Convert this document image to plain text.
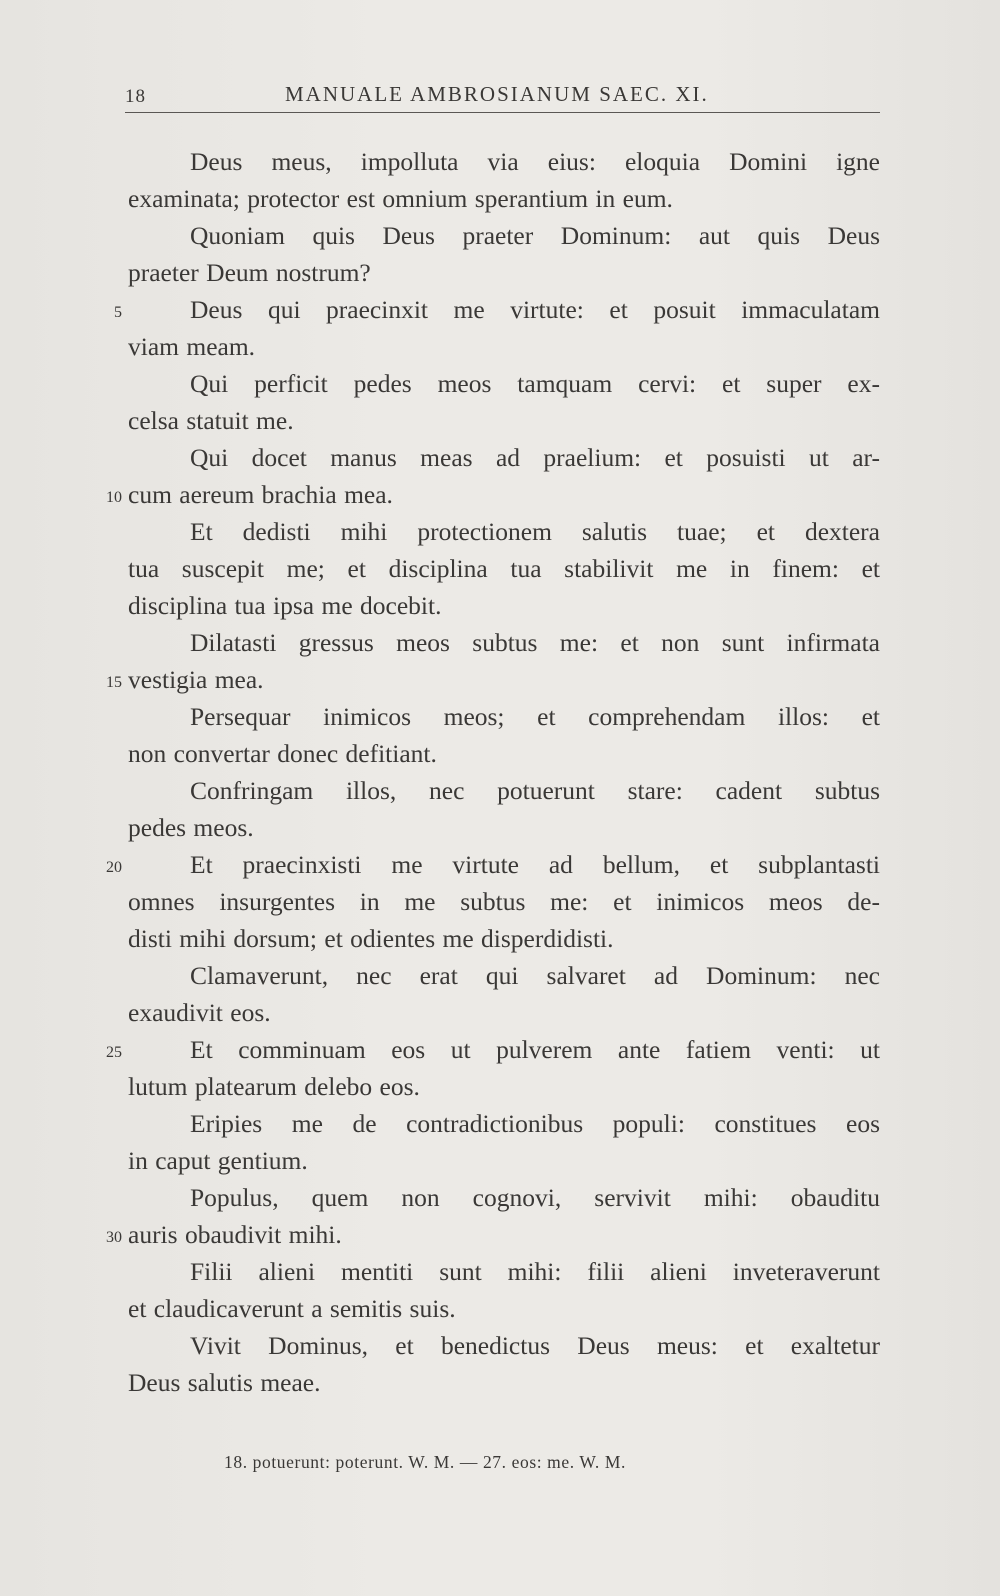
18	MANUALE AMBROSIANUM SAEC. XI.
Deus meus, impolluta via eius: eloquia Domini igne
examinata; protector est omnium sperantium in eum.
Quoniam quis Deus praeter Dominum: aut quis Deus
praeter Deum nostrum?
Deus qui praecinxit me virtute: et posuit immaculatam
5
viam meam.
Qui perficit pedes meos tamquam cervi: et super ex-
celsa statuit me.
Qui docet manus meas ad praelium: et posuisti ut ar-
cum aereum brachia mea.
10
Et dedisti mihi protectionem salutis tuae; et dextera
tua suscepit me; et disciplina tua stabilivit me in finem: et
disciplina tua ipsa me docebit.
Dilatasti gressus meos subtus me: et non sunt infirmata
vestigia mea.
15
Persequar inimicos meos; et comprehendam illos: et
non convertar donec defitiant.
Confringam illos, nec potuerunt stare: cadent subtus
pedes meos.
Et praecinxisti me virtute ad bellum, et subplantasti
20
omnes insurgentes in me subtus me: et inimicos meos de-
disti mihi dorsum; et odientes me disperdidisti.
Clamaverunt, nec erat qui salvaret ad Dominum: nec
exaudivit eos.
Et comminuam eos ut pulverem ante fatiem venti: ut
25
lutum platearum delebo eos.
Eripies me de contradictionibus populi: constitues eos
in caput gentium.
Populus, quem non cognovi, servivit mihi: obauditu
auris obaudivit mihi.
30
Filii alieni mentiti sunt mihi: filii alieni inveteraverunt
et claudicaverunt a semitis suis.
Vivit Dominus, et benedictus Deus meus: et exaltetur
Deus salutis meae.
18. potuerunt: poterunt. W. M. — 27. eos: me. W. M.
